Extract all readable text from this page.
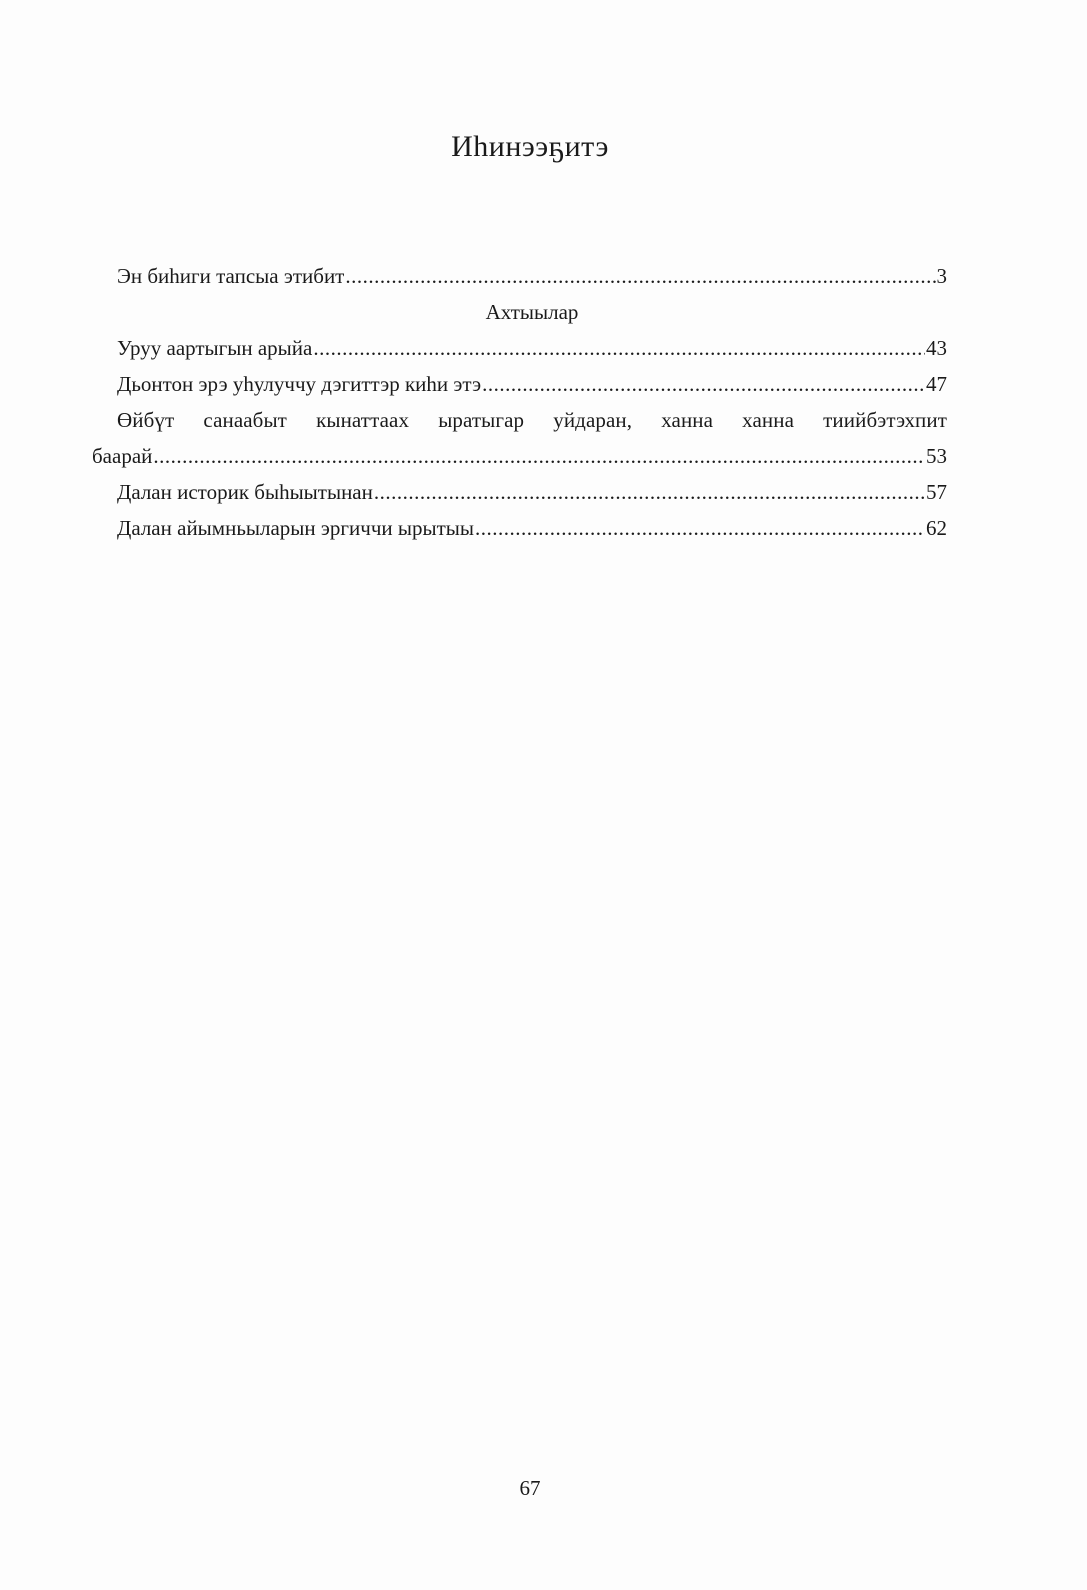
Иһинээҕитэ
Эн биһиги тапсыа этибит .....	3
Ахтыылар
Уруу аартыгын арыйа .....	43
Дьонтон эрэ уһулуччу дэгиттэр киһи этэ .....	47
Өйбүт санаабыт кынаттаах ыратыгар уйдаран, ханна ханна тиийбэтэхпит
баарай .....	53
Далан историк быһыытынан .....	57
Далан айымньыларын эргиччи ырытыы .....	62
67
